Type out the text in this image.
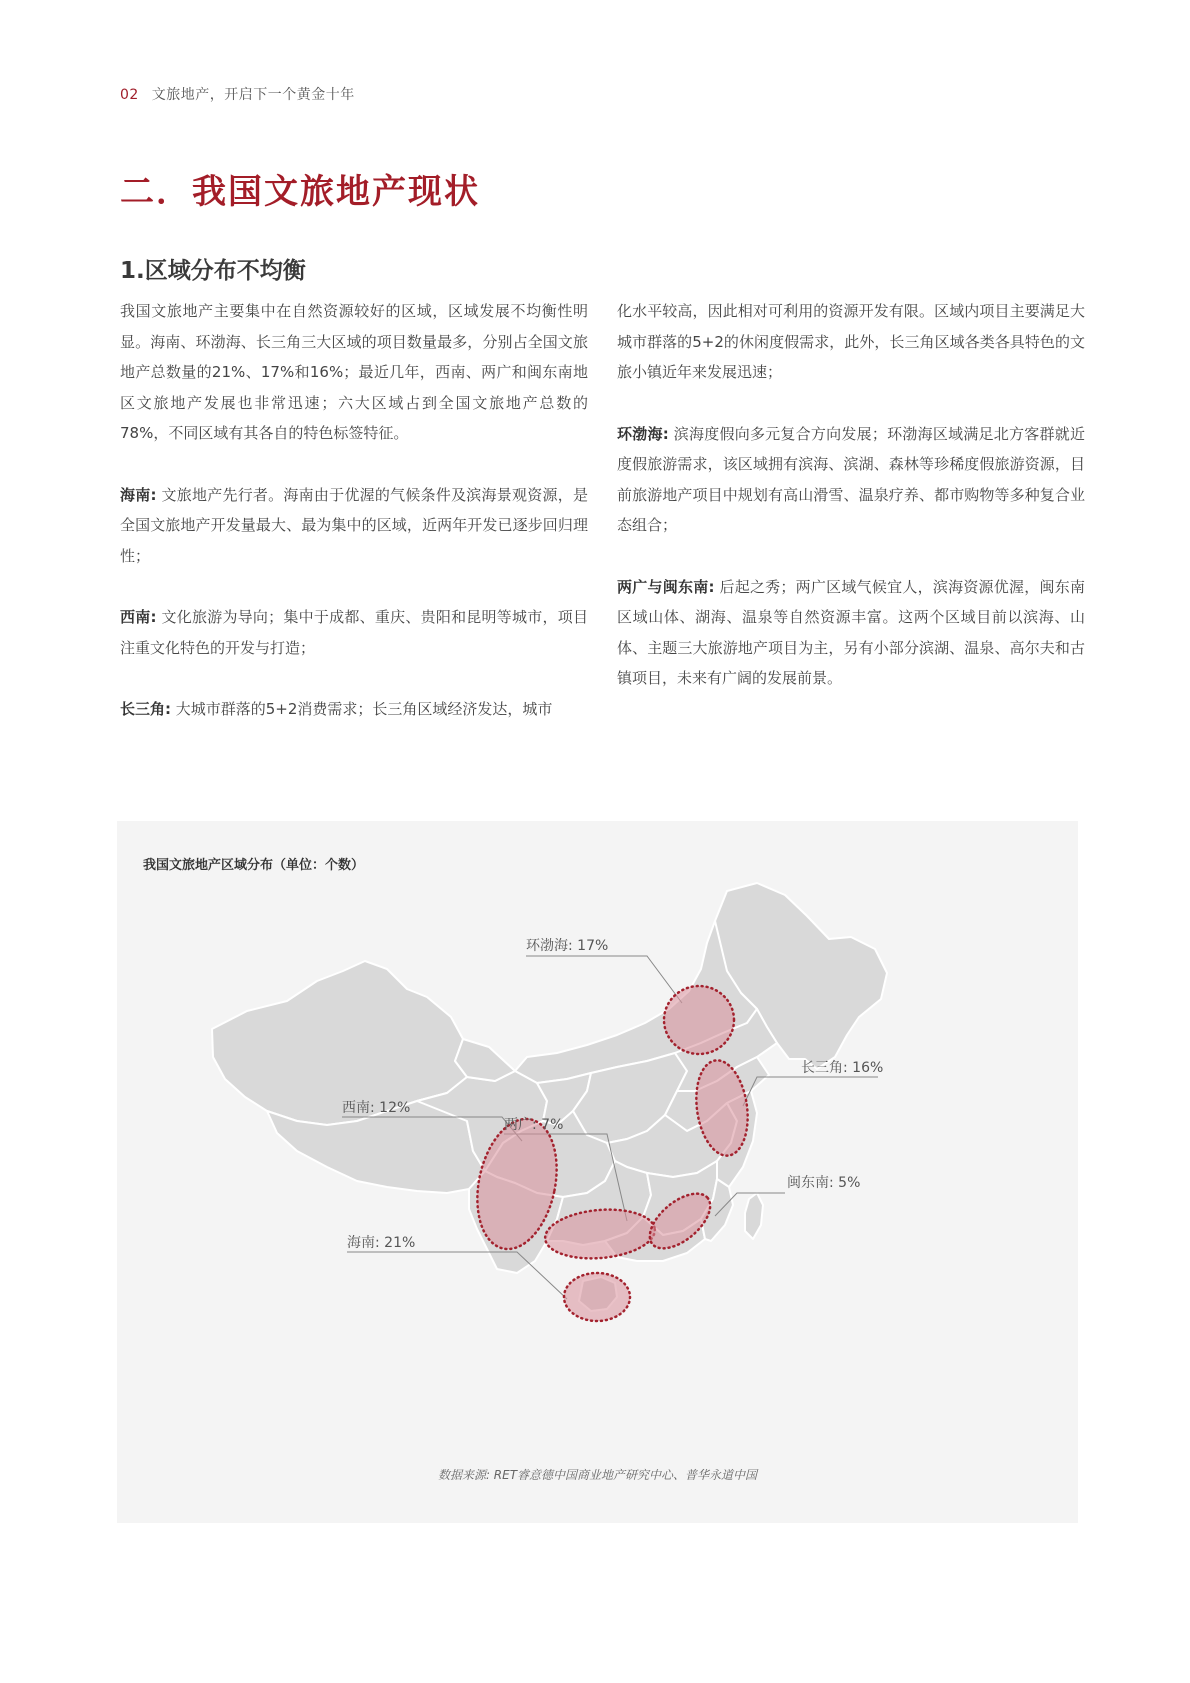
02 文旅地产，开启下一个黄金十年
二．我国文旅地产现状
1.区域分布不均衡

我国文旅地产主要集中在自然资源较好的区域，区域发展不均衡性明显。海南、环渤海、长三角三大区域的项目数量最多，分别占全国文旅地产总数量的21%、17%和16%；最近几年，西南、两广和闽东南地区文旅地产发展也非常迅速；六大区域占到全国文旅地产总数的78%，不同区域有其各自的特色标签特征。

海南: 文旅地产先行者。海南由于优渥的气候条件及滨海景观资源，是全国文旅地产开发量最大、最为集中的区域，近两年开发已逐步回归理性；

西南: 文化旅游为导向；集中于成都、重庆、贵阳和昆明等城市，项目注重文化特色的开发与打造；

长三角: 大城市群落的5+2消费需求；长三角区域经济发达，城市

化水平较高，因此相对可利用的资源开发有限。区域内项目主要满足大城市群落的5+2的休闲度假需求，此外，长三角区域各类各具特色的文旅小镇近年来发展迅速；

环渤海: 滨海度假向多元复合方向发展；环渤海区域满足北方客群就近度假旅游需求，该区域拥有滨海、滨湖、森林等珍稀度假旅游资源，目前旅游地产项目中规划有高山滑雪、温泉疗养、都市购物等多种复合业态组合；

两广与闽东南: 后起之秀；两广区域气候宜人，滨海资源优渥，闽东南区域山体、湖海、温泉等自然资源丰富。这两个区域目前以滨海、山体、主题三大旅游地产项目为主，另有小部分滨湖、温泉、高尔夫和古镇项目，未来有广阔的发展前景。

我国文旅地产区域分布（单位：个数）
环渤海: 17%
长三角: 16%
西南: 12%
两广: 7%
闽东南: 5%
海南: 21%
数据来源: RET睿意德中国商业地产研究中心、普华永道中国
